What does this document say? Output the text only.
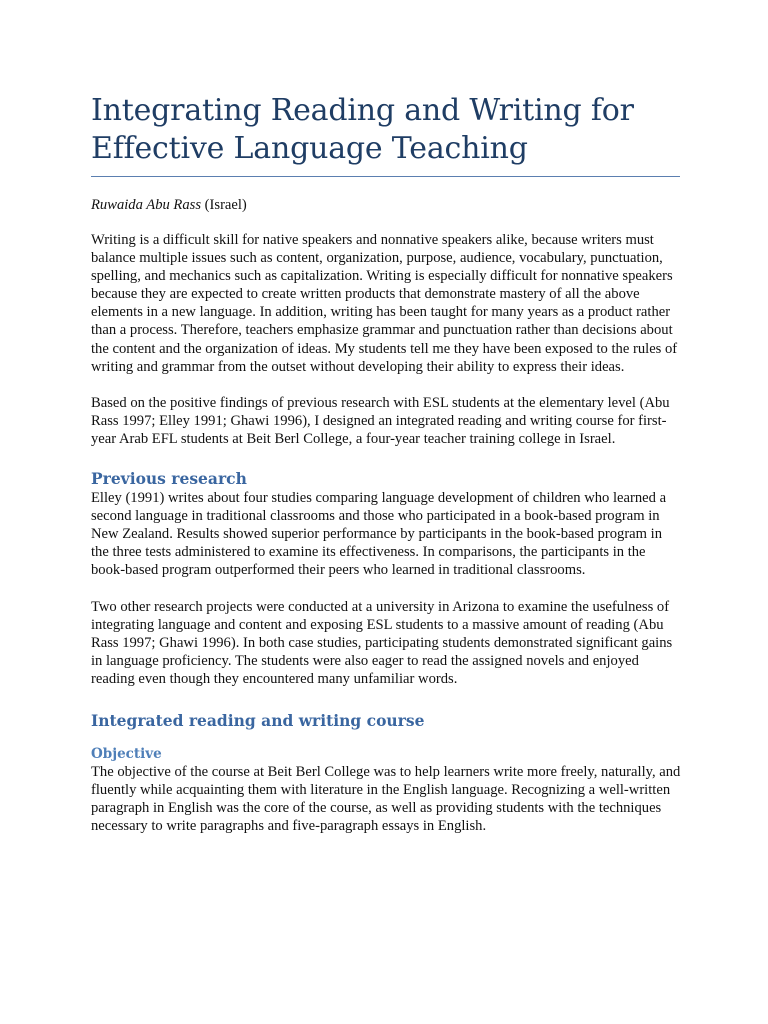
Integrating Reading and Writing for
Effective Language Teaching

Ruwaida Abu Rass (Israel)

Writing is a difficult skill for native speakers and nonnative speakers alike, because writers must balance multiple issues such as content, organization, purpose, audience, vocabulary, punctuation, spelling, and mechanics such as capitalization. Writing is especially difficult for nonnative speakers because they are expected to create written products that demonstrate mastery of all the above elements in a new language. In addition, writing has been taught for many years as a product rather than a process. Therefore, teachers emphasize grammar and punctuation rather than decisions about the content and the organization of ideas. My students tell me they have been exposed to the rules of writing and grammar from the outset without developing their ability to express their ideas.

Based on the positive findings of previous research with ESL students at the elementary level (Abu Rass 1997; Elley 1991; Ghawi 1996), I designed an integrated reading and writing course for first-year Arab EFL students at Beit Berl College, a four-year teacher training college in Israel.

Previous research

Elley (1991) writes about four studies comparing language development of children who learned a second language in traditional classrooms and those who participated in a book-based program in New Zealand. Results showed superior performance by participants in the book-based program in the three tests administered to examine its effectiveness. In comparisons, the participants in the book-based program outperformed their peers who learned in traditional classrooms.

Two other research projects were conducted at a university in Arizona to examine the usefulness of integrating language and content and exposing ESL students to a massive amount of reading (Abu Rass 1997; Ghawi 1996). In both case studies, participating students demonstrated significant gains in language proficiency. The students were also eager to read the assigned novels and enjoyed reading even though they encountered many unfamiliar words.

Integrated reading and writing course
Objective

The objective of the course at Beit Berl College was to help learners write more freely, naturally, and fluently while acquainting them with literature in the English language. Recognizing a well-written paragraph in English was the core of the course, as well as providing students with the techniques necessary to write paragraphs and five-paragraph essays in English.
